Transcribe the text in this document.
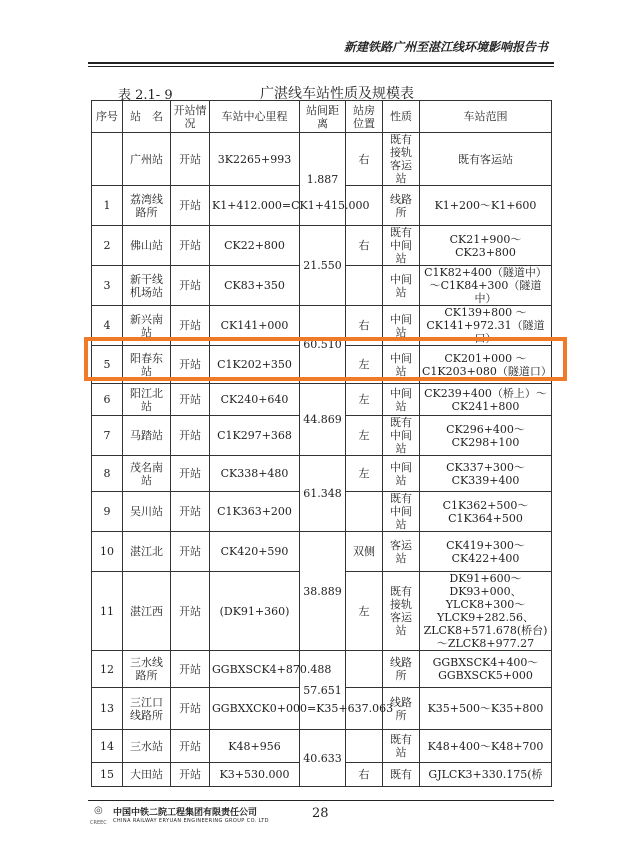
新建铁路广州至湛江线环境影响报告书
表 2.1- 9	广湛线车站性质及规模表
序号	站　名	开站情况	车站中心里程	站间距离	站房位置	性质	车站范围
	广州站	开站	3K2265+993	1.887	右	既有接轨客运站	既有客运站
1	荔湾线路所	开站	K1+412.000=CK1+415.000			线路所	K1+200～K1+600
2	佛山站	开站	CK22+800	21.550	右	既有中间站	CK21+900～CK23+800
3	新干线机场站	开站	CK83+350			中间站	C1K82+400（隧道中）～C1K84+300（隧道中）
4	新兴南站	开站	CK141+000	60.510	右	中间站	CK139+800 ～CK141+972.31（隧道口）
5	阳春东站	开站	C1K202+350		左	中间站	CK201+000 ～C1K203+080（隧道口）
6	阳江北站	开站	CK240+640	44.869	左	中间站	CK239+400（桥上）～CK241+800
7	马踏站	开站	C1K297+368		左	既有中间站	CK296+400～CK298+100
8	茂名南站	开站	CK338+480	61.348	左	中间站	CK337+300～CK339+400
9	吴川站	开站	C1K363+200			既有中间站	C1K362+500～C1K364+500
10	湛江北	开站	CK420+590	38.889	双侧	客运站	CK419+300～CK422+400
11	湛江西	开站	(DK91+360)		左	既有接轨客运站	DK91+600～DK93+000、YLCK8+300～YLCK9+282.56、ZLCK8+571.678(桥台)～ZLCK8+977.27
12	三水线路所	开站	GGBXSCK4+870.488	57.651		线路所	GGBXSCK4+400～GGBXSCK5+000
13	三江口线路所	开站	GGBXXCK0+000=K35+637.063			线路所	K35+500～K35+800
14	三水站	开站	K48+956	40.633		既有站	K48+400～K48+700
15	大田站	开站	K3+530.000		右	既有	GJLCK3+330.175(桥
◎
CREEC
中国中铁二院工程集团有限责任公司
CHINA RAILWAY ERYUAN ENGINEERING GROUP CO. LTD	28
